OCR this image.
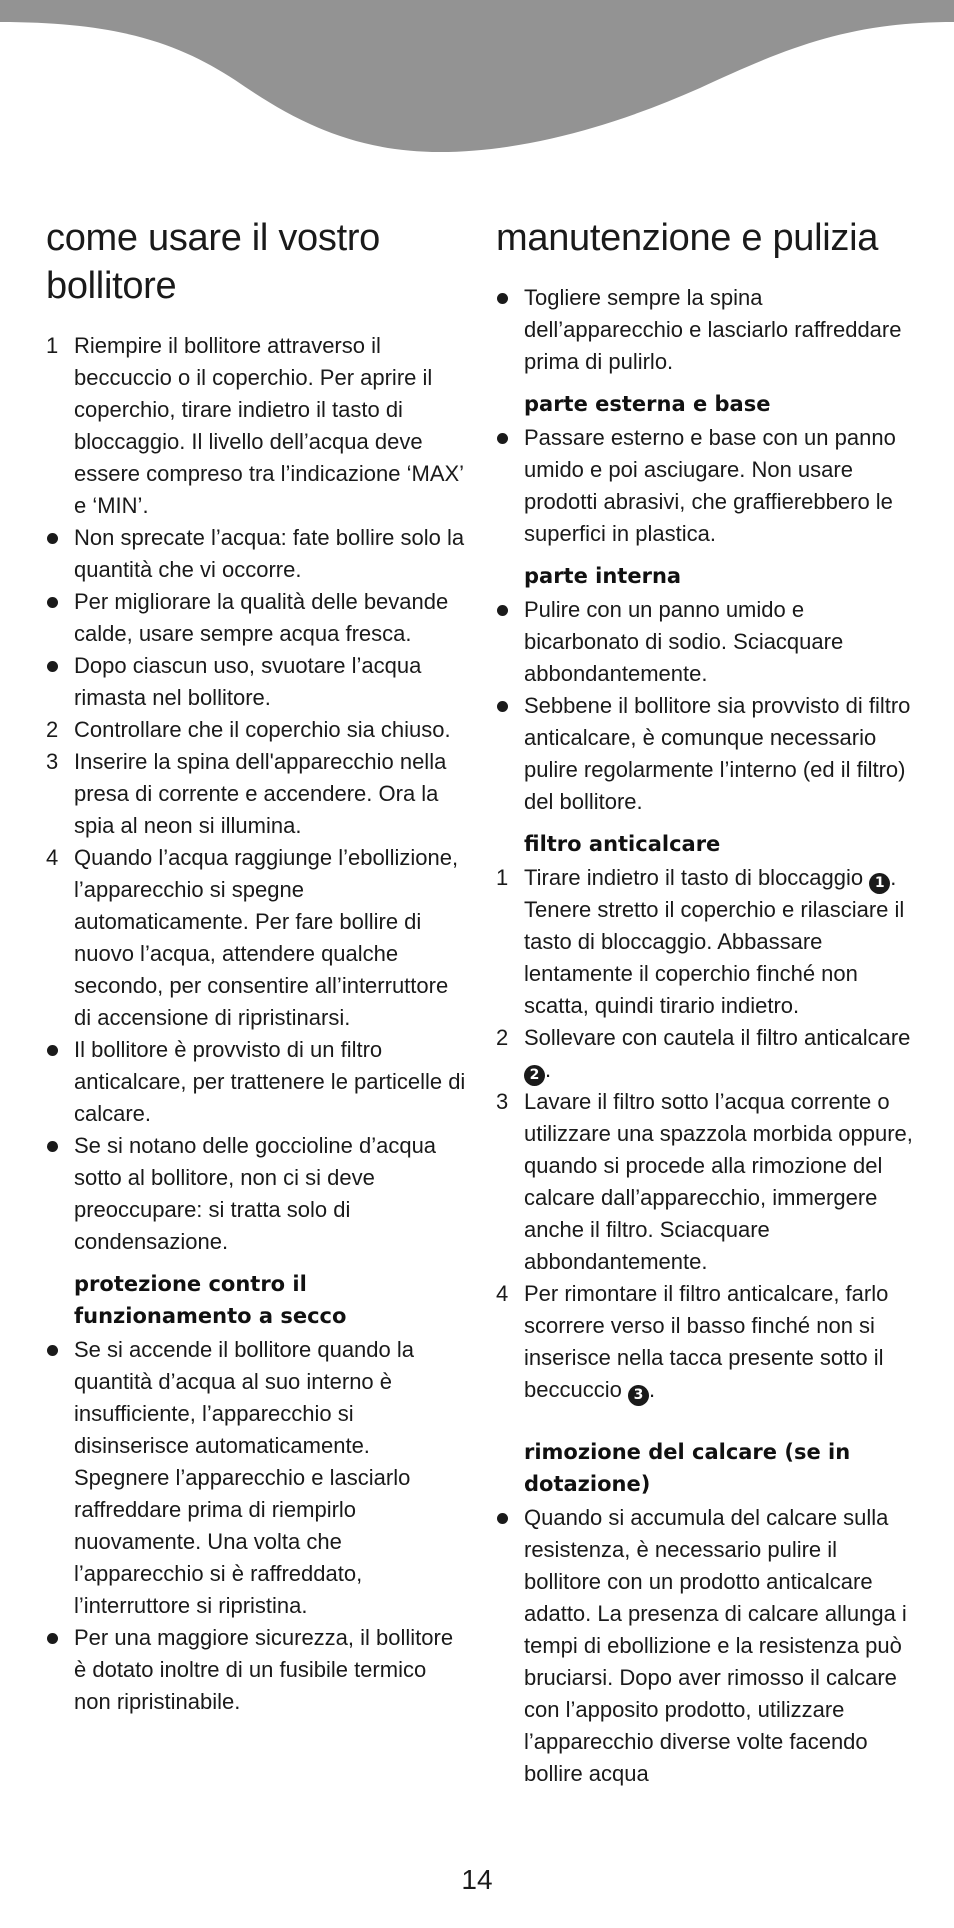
come usare il vostro bollitore
1 Riempire il bollitore attraverso il beccuccio o il coperchio. Per aprire il coperchio, tirare indietro il tasto di bloccaggio. Il livello dell’acqua deve essere compreso tra l’indicazione ‘MAX’ e ‘MIN’.
Non sprecate l’acqua: fate bollire solo la quantità che vi occorre.
Per migliorare la qualità delle bevande calde, usare sempre acqua fresca.
Dopo ciascun uso, svuotare l’acqua rimasta nel bollitore.
2 Controllare che il coperchio sia chiuso.
3 Inserire la spina dell'apparecchio nella presa di corrente e accendere. Ora la spia al neon si illumina.
4 Quando l’acqua raggiunge l’ebollizione, l’apparecchio si spegne automaticamente. Per fare bollire di nuovo l’acqua, attendere qualche secondo, per consentire all’interruttore di accensione di ripristinarsi.
Il bollitore è provvisto di un filtro anticalcare, per trattenere le particelle di calcare.
Se si notano delle goccioline d’acqua sotto al bollitore, non ci si deve preoccupare: si tratta solo di condensazione.
protezione contro il funzionamento a secco
Se si accende il bollitore quando la quantità d’acqua al suo interno è insufficiente, l’apparecchio si disinserisce automaticamente. Spegnere l’apparecchio e lasciarlo raffreddare prima di riempirlo nuovamente. Una volta che l’apparecchio si è raffreddato, l’interruttore si ripristina.
Per una maggiore sicurezza, il bollitore è dotato inoltre di un fusibile termico non ripristinabile.
manutenzione e pulizia
Togliere sempre la spina dell’apparecchio e lasciarlo raffreddare prima di pulirlo.
parte esterna e base
Passare esterno e base con un panno umido e poi asciugare. Non usare prodotti abrasivi, che graffierebbero le superfici in plastica.
parte interna
Pulire con un panno umido e bicarbonato di sodio. Sciacquare abbondantemente.
Sebbene il bollitore sia provvisto di filtro anticalcare, è comunque necessario pulire regolarmente l’interno (ed il filtro) del bollitore.
filtro anticalcare
1 Tirare indietro il tasto di bloccaggio 1 . Tenere stretto il coperchio e rilasciare il tasto di bloccaggio. Abbassare lentamente il coperchio finché non scatta, quindi tirario indietro.
2 Sollevare con cautela il filtro anticalcare 2 .
3 Lavare il filtro sotto l’acqua corrente o utilizzare una spazzola morbida oppure, quando si procede alla rimozione del calcare dall’apparecchio, immergere anche il filtro. Sciacquare abbondantemente.
4 Per rimontare il filtro anticalcare, farlo scorrere verso il basso finché non si inserisce nella tacca presente sotto il beccuccio 3 .
rimozione del calcare (se in dotazione)
Quando si accumula del calcare sulla resistenza, è necessario pulire il bollitore con un prodotto anticalcare adatto. La presenza di calcare allunga i tempi di ebollizione e la resistenza può bruciarsi. Dopo aver rimosso il calcare con l’apposito prodotto, utilizzare l’apparecchio diverse volte facendo bollire acqua
14
